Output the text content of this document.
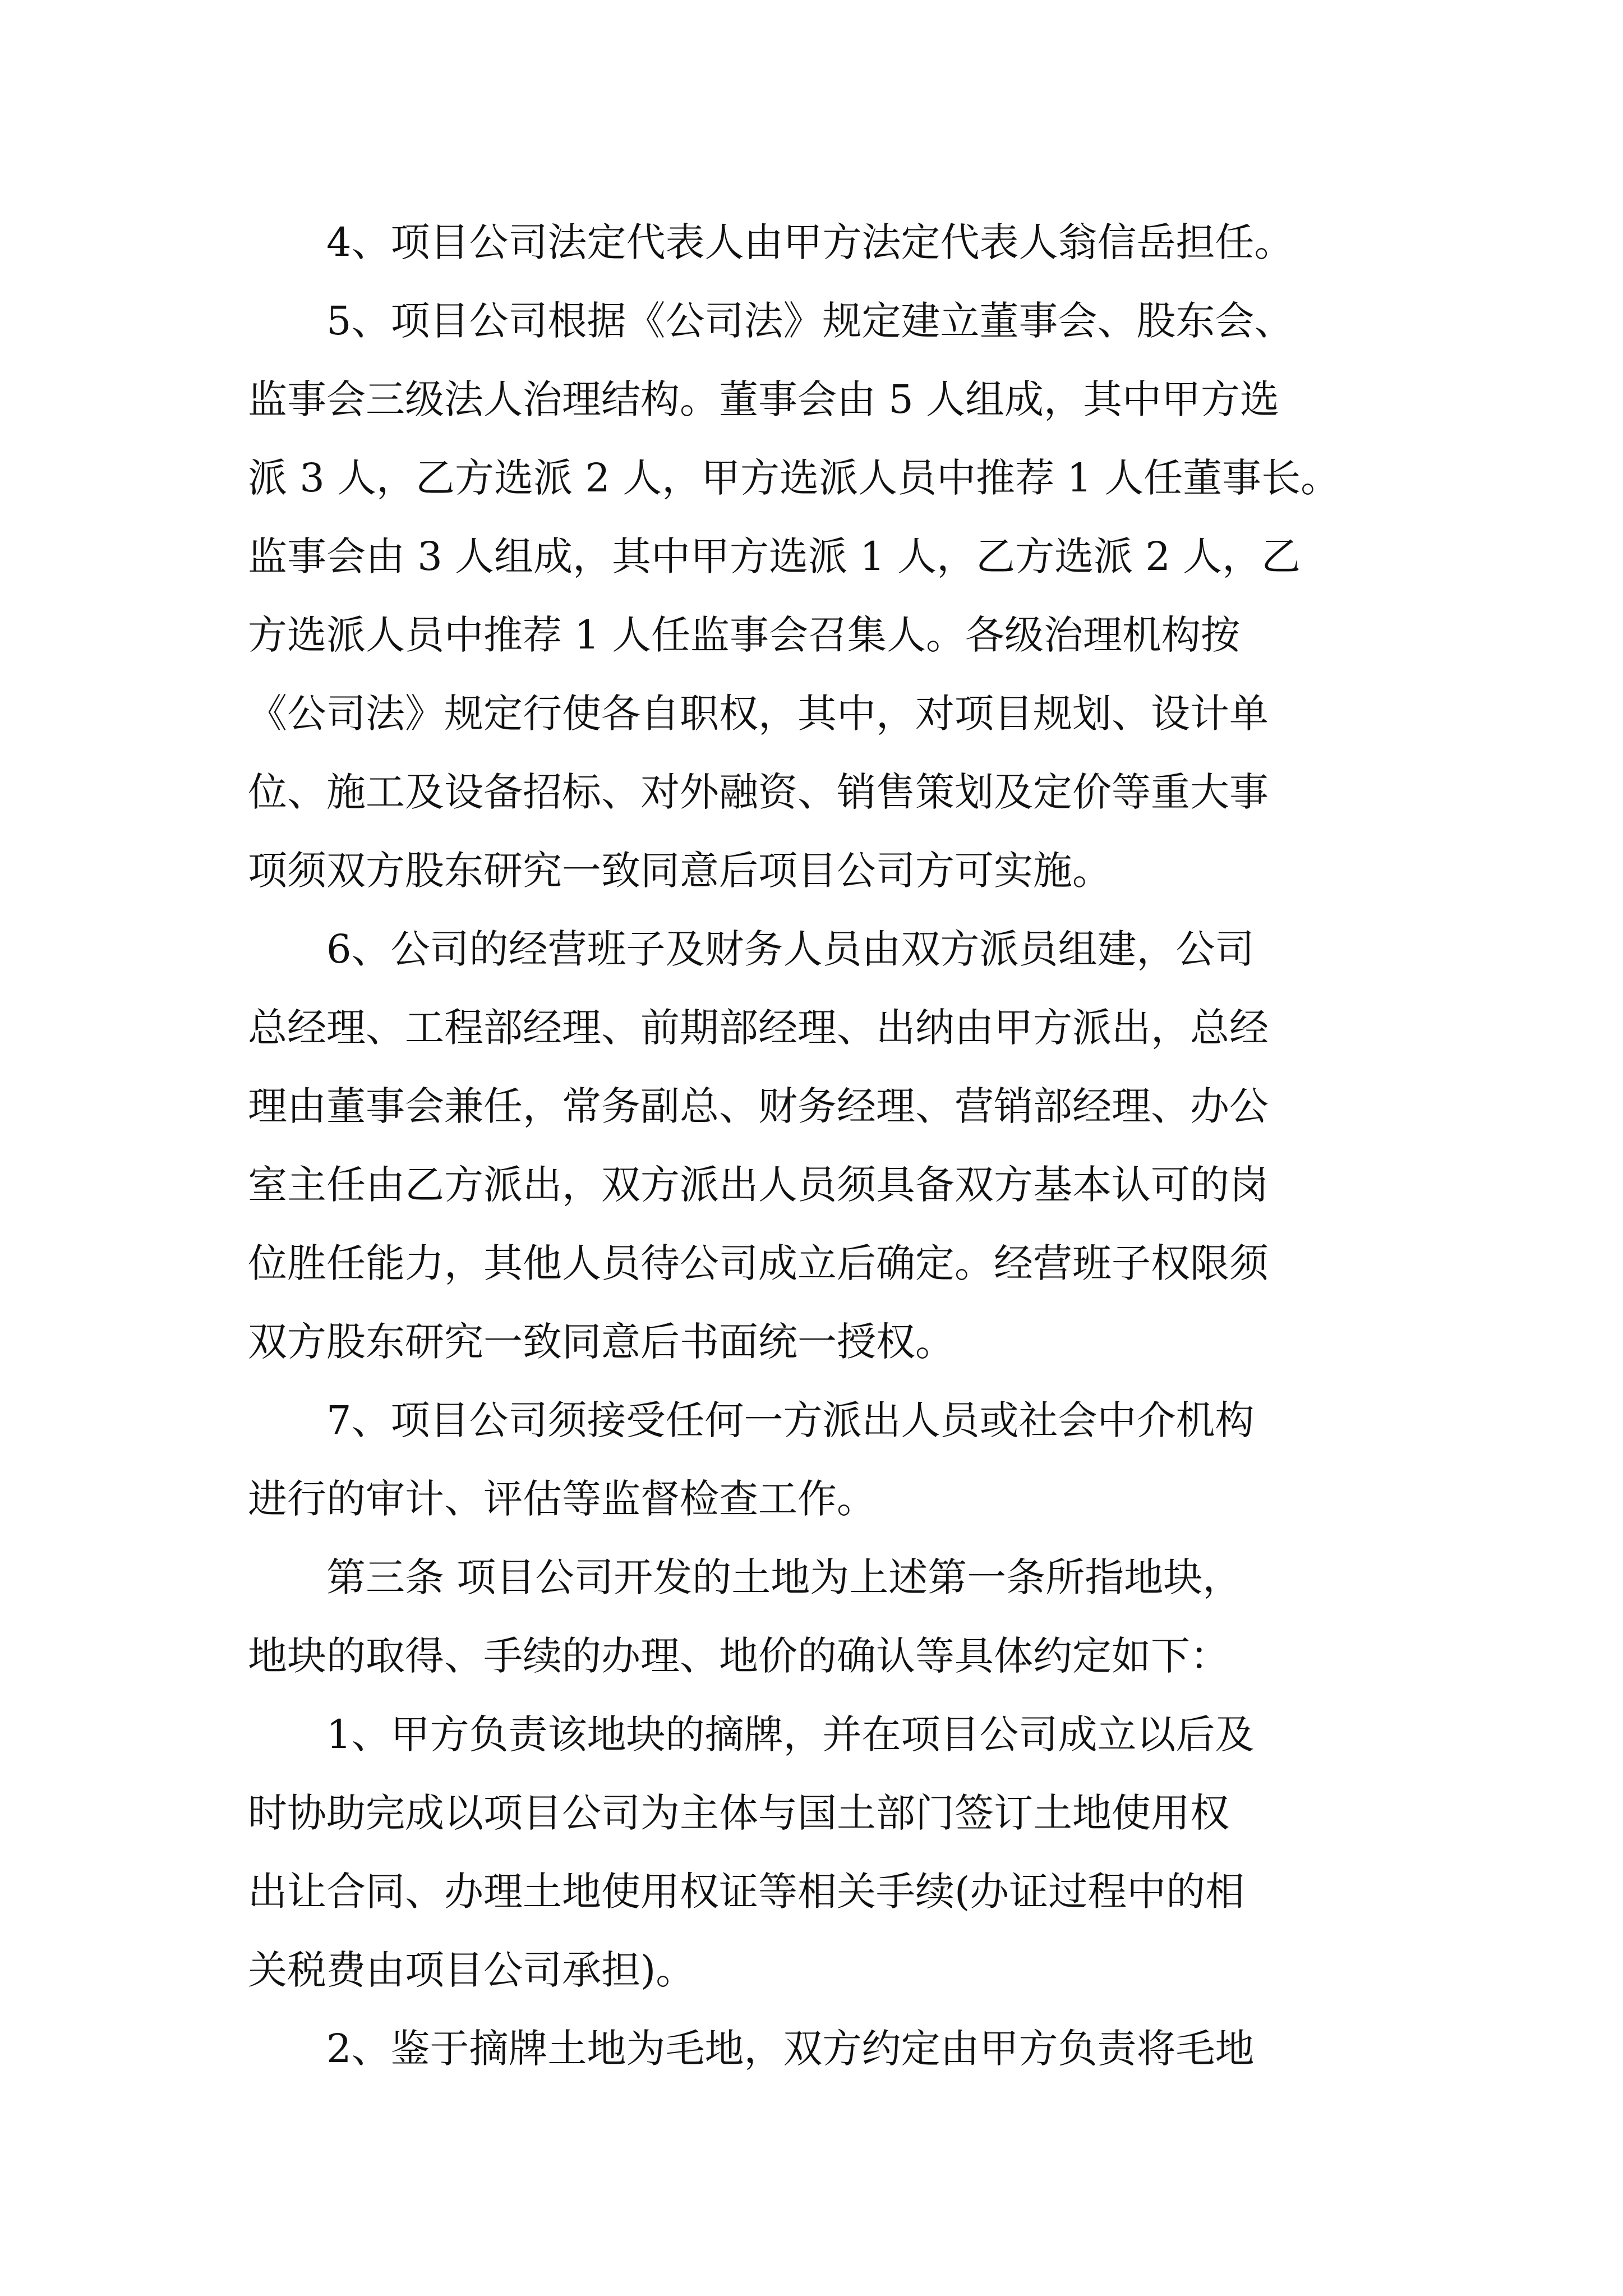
4、项目公司法定代表人由甲方法定代表人翁信岳担任。
5、项目公司根据《公司法》规定建立董事会、股东会、
监事会三级法人治理结构。董事会由 5 人组成，其中甲方选
派 3 人，乙方选派 2 人，甲方选派人员中推荐 1 人任董事长。
监事会由 3 人组成，其中甲方选派 1 人，乙方选派 2 人，乙
方选派人员中推荐 1 人任监事会召集人。各级治理机构按
《公司法》规定行使各自职权，其中，对项目规划、设计单
位、施工及设备招标、对外融资、销售策划及定价等重大事
项须双方股东研究一致同意后项目公司方可实施。
6、公司的经营班子及财务人员由双方派员组建，公司
总经理、工程部经理、前期部经理、出纳由甲方派出，总经
理由董事会兼任，常务副总、财务经理、营销部经理、办公
室主任由乙方派出，双方派出人员须具备双方基本认可的岗
位胜任能力，其他人员待公司成立后确定。经营班子权限须
双方股东研究一致同意后书面统一授权。
7、项目公司须接受任何一方派出人员或社会中介机构
进行的审计、评估等监督检查工作。
第三条 项目公司开发的土地为上述第一条所指地块，
地块的取得、手续的办理、地价的确认等具体约定如下：
1、甲方负责该地块的摘牌，并在项目公司成立以后及
时协助完成以项目公司为主体与国土部门签订土地使用权
出让合同、办理土地使用权证等相关手续(办证过程中的相
关税费由项目公司承担)。
2、鉴于摘牌土地为毛地，双方约定由甲方负责将毛地
